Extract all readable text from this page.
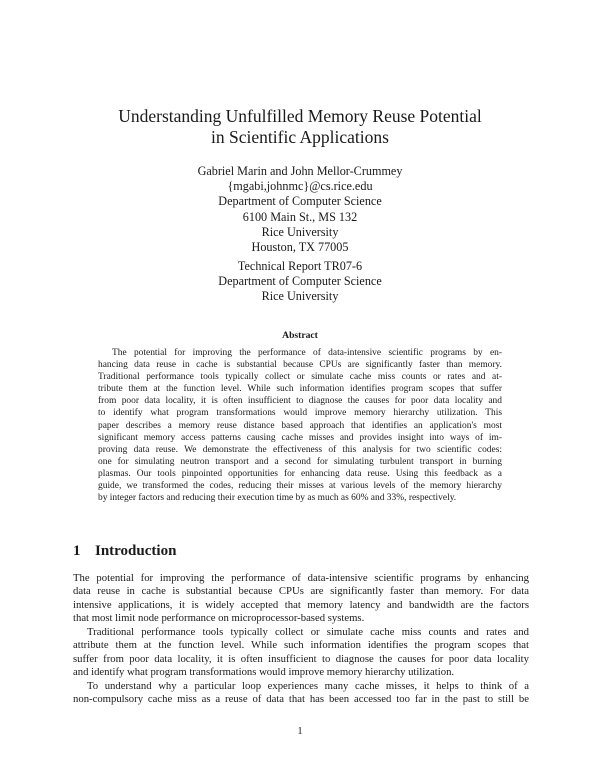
Understanding Unfulfilled Memory Reuse Potential
in Scientific Applications
Gabriel Marin and John Mellor-Crummey
{mgabi,johnmc}@cs.rice.edu
Department of Computer Science
6100 Main St., MS 132
Rice University
Houston, TX 77005
Technical Report TR07-6
Department of Computer Science
Rice University
Abstract
The potential for improving the performance of data-intensive scientific programs by en-
hancing data reuse in cache is substantial because CPUs are significantly faster than memory.
Traditional performance tools typically collect or simulate cache miss counts or rates and at-
tribute them at the function level. While such information identifies program scopes that suffer
from poor data locality, it is often insufficient to diagnose the causes for poor data locality and
to identify what program transformations would improve memory hierarchy utilization. This
paper describes a memory reuse distance based approach that identifies an application's most
significant memory access patterns causing cache misses and provides insight into ways of im-
proving data reuse. We demonstrate the effectiveness of this analysis for two scientific codes:
one for simulating neutron transport and a second for simulating turbulent transport in burning
plasmas. Our tools pinpointed opportunities for enhancing data reuse. Using this feedback as a
guide, we transformed the codes, reducing their misses at various levels of the memory hierarchy
by integer factors and reducing their execution time by as much as 60% and 33%, respectively.
1 Introduction
The potential for improving the performance of data-intensive scientific programs by enhancing
data reuse in cache is substantial because CPUs are significantly faster than memory. For data
intensive applications, it is widely accepted that memory latency and bandwidth are the factors
that most limit node performance on microprocessor-based systems.
Traditional performance tools typically collect or simulate cache miss counts and rates and
attribute them at the function level. While such information identifies the program scopes that
suffer from poor data locality, it is often insufficient to diagnose the causes for poor data locality
and identify what program transformations would improve memory hierarchy utilization.
To understand why a particular loop experiences many cache misses, it helps to think of a
non-compulsory cache miss as a reuse of data that has been accessed too far in the past to still be
1
